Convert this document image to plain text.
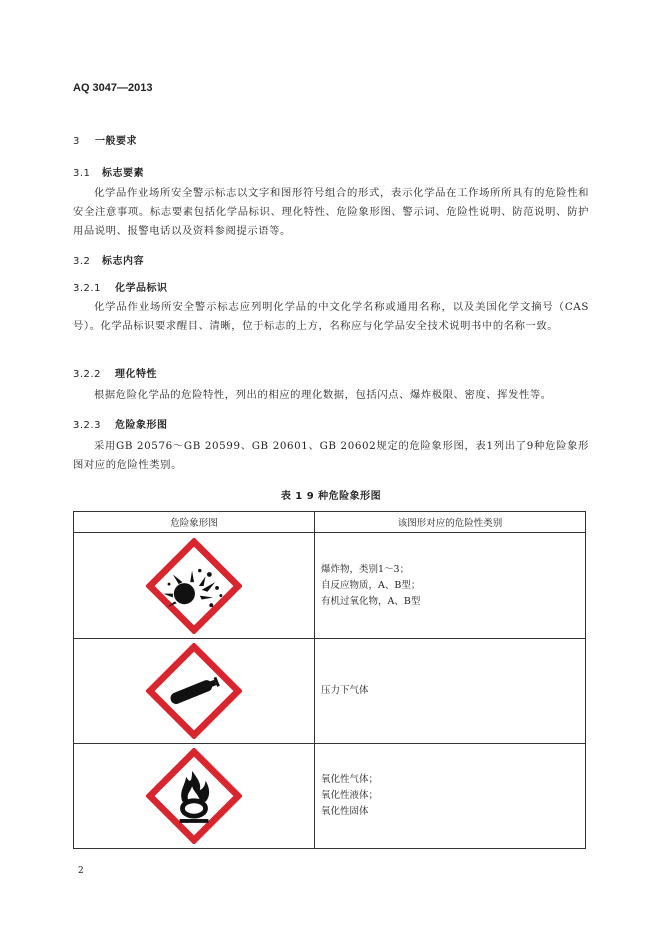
AQ 3047—2013
3 一般要求
3.1 标志要素
化学品作业场所安全警示标志以文字和图形符号组合的形式，表示化学品在工作场所所具有的危险性和安全注意事项。标志要素包括化学品标识、理化特性、危险象形图、警示词、危险性说明、防范说明、防护用品说明、报警电话以及资料参阅提示语等。
3.2 标志内容
3.2.1 化学品标识
化学品作业场所安全警示标志应列明化学品的中文化学名称或通用名称，以及美国化学文摘号（CAS号）。化学品标识要求醒目、清晰，位于标志的上方，名称应与化学品安全技术说明书中的名称一致。
3.2.2 理化特性
根据危险化学品的危险特性，列出的相应的理化数据，包括闪点、爆炸极限、密度、挥发性等。
3.2.3 危险象形图
采用GB 20576～GB 20599、GB 20601、GB 20602规定的危险象形图，表1列出了9种危险象形图对应的危险性类别。
表 1 9 种危险象形图
危险象形图	该图形对应的危险性类别

爆炸物，类别1～3；
自反应物质，A、B型；
有机过氧化物，A、B型

压力下气体

氧化性气体；
氧化性液体；
氧化性固体
2
